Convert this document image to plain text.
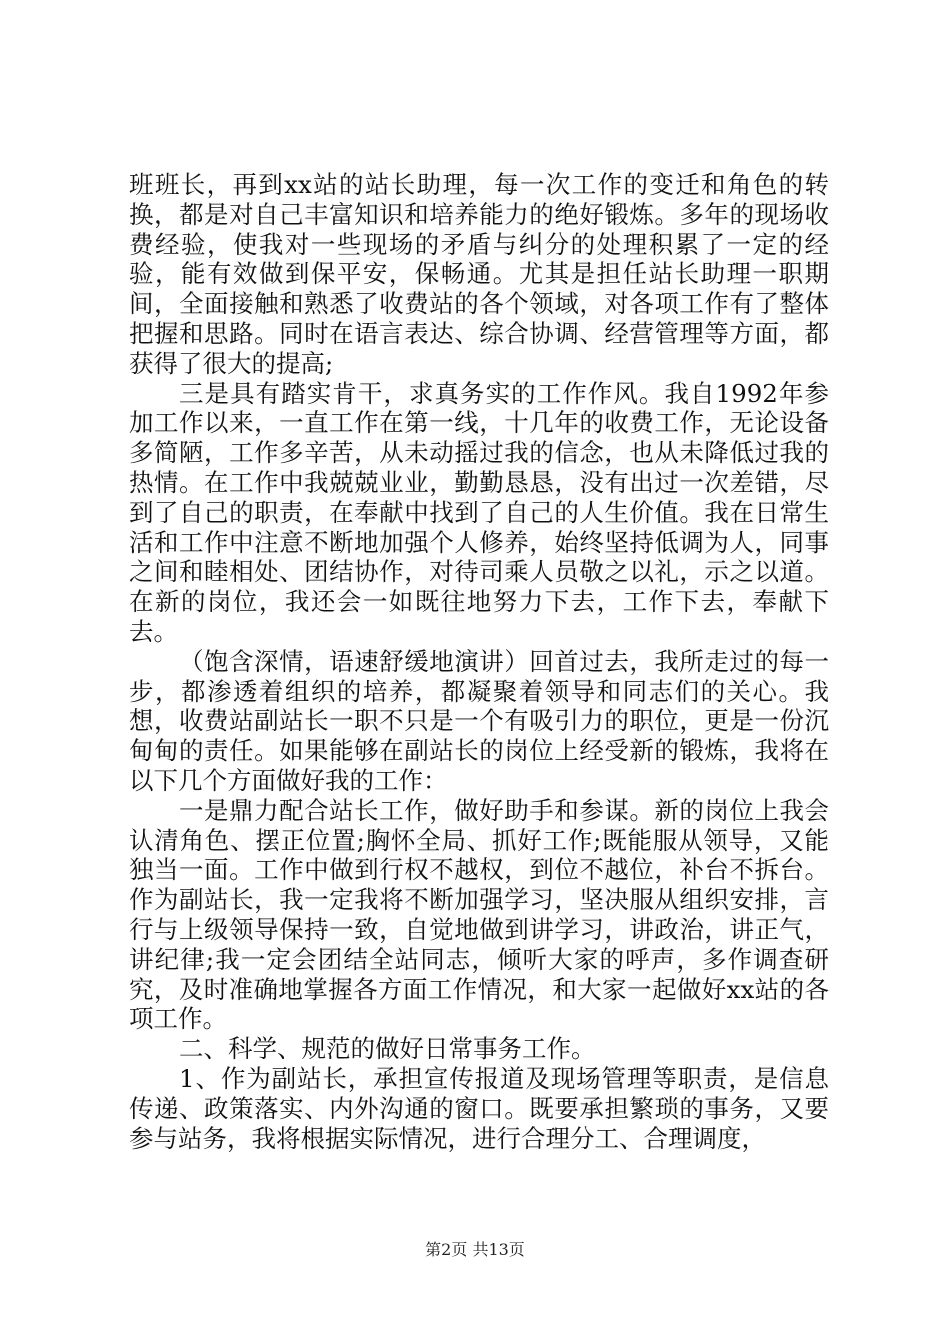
班班长，再到xx站的站长助理，每一次工作的变迁和角色的转换，都是对自己丰富知识和培养能力的绝好锻炼。多年的现场收费经验，使我对一些现场的矛盾与纠分的处理积累了一定的经验，能有效做到保平安，保畅通。尤其是担任站长助理一职期间，全面接触和熟悉了收费站的各个领域，对各项工作有了整体把握和思路。同时在语言表达、综合协调、经营管理等方面，都获得了很大的提高;

三是具有踏实肯干，求真务实的工作作风。我自1992年参加工作以来，一直工作在第一线，十几年的收费工作，无论设备多简陋，工作多辛苦，从未动摇过我的信念，也从未降低过我的热情。在工作中我兢兢业业，勤勤恳恳，没有出过一次差错，尽到了自己的职责，在奉献中找到了自己的人生价值。我在日常生活和工作中注意不断地加强个人修养，始终坚持低调为人，同事之间和睦相处、团结协作，对待司乘人员敬之以礼，示之以道。在新的岗位，我还会一如既往地努力下去，工作下去，奉献下去。

（饱含深情，语速舒缓地演讲）回首过去，我所走过的每一步，都渗透着组织的培养，都凝聚着领导和同志们的关心。我想，收费站副站长一职不只是一个有吸引力的职位，更是一份沉甸甸的责任。如果能够在副站长的岗位上经受新的锻炼，我将在以下几个方面做好我的工作：

一是鼎力配合站长工作，做好助手和参谋。新的岗位上我会认清角色、摆正位置;胸怀全局、抓好工作;既能服从领导，又能独当一面。工作中做到行权不越权，到位不越位，补台不拆台。作为副站长，我一定我将不断加强学习，坚决服从组织安排，言行与上级领导保持一致，自觉地做到讲学习，讲政治，讲正气，讲纪律;我一定会团结全站同志，倾听大家的呼声，多作调查研究，及时准确地掌握各方面工作情况，和大家一起做好xx站的各项工作。

二、科学、规范的做好日常事务工作。

1、作为副站长，承担宣传报道及现场管理等职责，是信息传递、政策落实、内外沟通的窗口。既要承担繁琐的事务，又要参与站务，我将根据实际情况，进行合理分工、合理调度，

第2页 共13页
